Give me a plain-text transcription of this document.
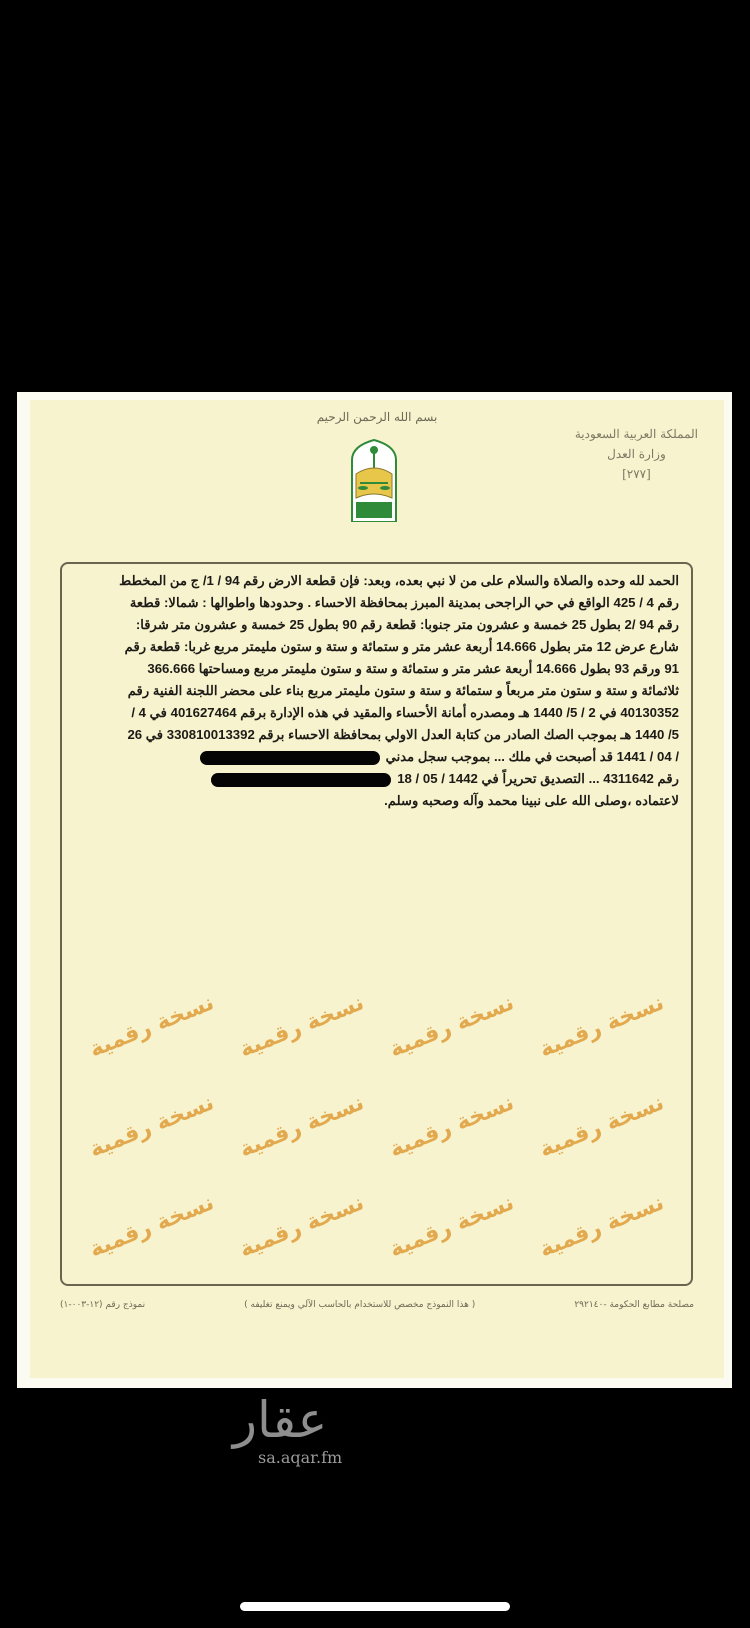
بسم الله الرحمن الرحيم
المملكة العربية السعودية
وزارة العدل
[٢٧٧]
الحمد لله وحده والصلاة والسلام على من لا نبي بعده، وبعد: فإن قطعة الارض رقم 94 / 1/ ج من المخطط
رقم 4 / 425 الواقع في حي الراجحى بمدينة المبرز بمحافظة الاحساء . وحدودها واطوالها : شمالا: قطعة
رقم 94 /2 بطول 25 خمسة و عشرون متر جنوبا: قطعة رقم 90 بطول 25 خمسة و عشرون متر شرقا:
شارع عرض 12 متر بطول 14.666 أربعة عشر متر و ستمائة و ستة و ستون مليمتر مربع غربا: قطعة رقم
91 ورقم 93 بطول 14.666 أربعة عشر متر و ستمائة و ستة و ستون مليمتر مربع ومساحتها 366.666
ثلاثمائة و ستة و ستون متر مربعاً و ستمائة و ستة و ستون مليمتر مربع بناء على محضر اللجنة الفنية رقم
40130352 في 2 / 5/ 1440 هـ ومصدره أمانة الأحساء والمقيد في هذه الإدارة برقم 401627464 في 4 /
5/ 1440 هـ بموجب الصك الصادر من كتابة العدل الاولي بمحافظة الاحساء برقم 330810013392 في 26
/ 04 / 1441 قد أصبحت في ملك ... بموجب سجل مدني
رقم 4311642 ... التصديق تحريراً في 1442 / 05 / 18
لاعتماده ،وصلى الله على نبينا محمد وآله وصحبه وسلم.
نسخة رقمية نسخة رقمية نسخة رقمية نسخة رقمية
نسخة رقمية نسخة رقمية نسخة رقمية نسخة رقمية
نسخة رقمية نسخة رقمية نسخة رقمية نسخة رقمية
نموذج رقم (١٢-٠٠٣-١)	( هذا النموذج مخصص للاستخدام بالحاسب الآلي ويمنع تغليفه )	مصلحة مطابع الحكومة -٢٩٢١٤٠
عقار
sa.aqar.fm
